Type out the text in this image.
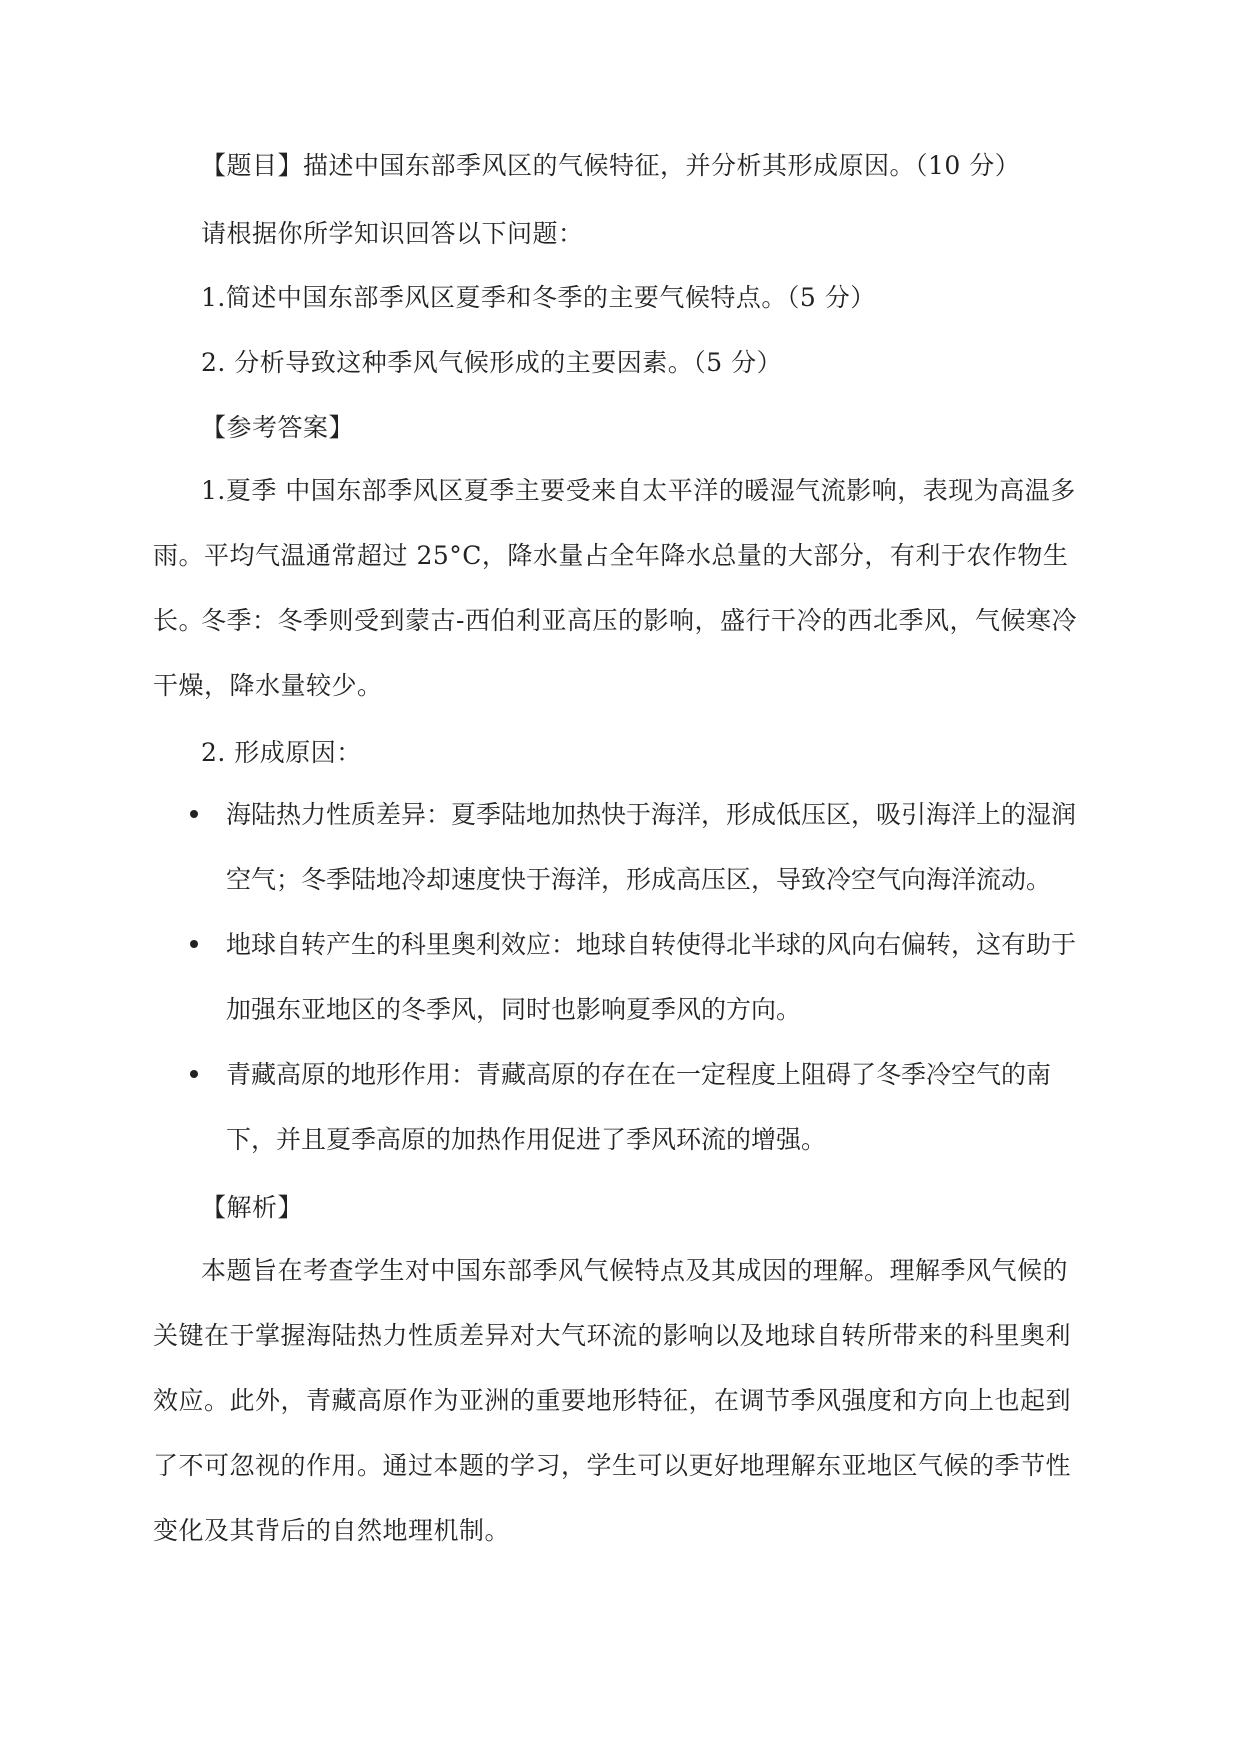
【题目】描述中国东部季风区的气候特征，并分析其形成原因。（10 分）
请根据你所学知识回答以下问题：
1.简述中国东部季风区夏季和冬季的主要气候特点。（5 分）
2. 分析导致这种季风气候形成的主要因素。（5 分）
【参考答案】
1.夏季 中国东部季风区夏季主要受来自太平洋的暖湿气流影响，表现为高温多雨。平均气温通常超过 25°C，降水量占全年降水总量的大部分，有利于农作物生长。
冬季：冬季则受到蒙古-西伯利亚高压的影响，盛行干冷的西北季风，气候寒冷干燥，降水量较少。
2. 形成原因：
海陆热力性质差异：夏季陆地加热快于海洋，形成低压区，吸引海洋上的湿润空气；冬季陆地冷却速度快于海洋，形成高压区，导致冷空气向海洋流动。
地球自转产生的科里奥利效应：地球自转使得北半球的风向右偏转，这有助于加强东亚地区的冬季风，同时也影响夏季风的方向。
青藏高原的地形作用：青藏高原的存在在一定程度上阻碍了冬季冷空气的南下，并且夏季高原的加热作用促进了季风环流的增强。
【解析】
本题旨在考查学生对中国东部季风气候特点及其成因的理解。理解季风气候的关键在于掌握海陆热力性质差异对大气环流的影响以及地球自转所带来的科里奥利效应。此外，青藏高原作为亚洲的重要地形特征，在调节季风强度和方向上也起到了不可忽视的作用。通过本题的学习，学生可以更好地理解东亚地区气候的季节性变化及其背后的自然地理机制。
